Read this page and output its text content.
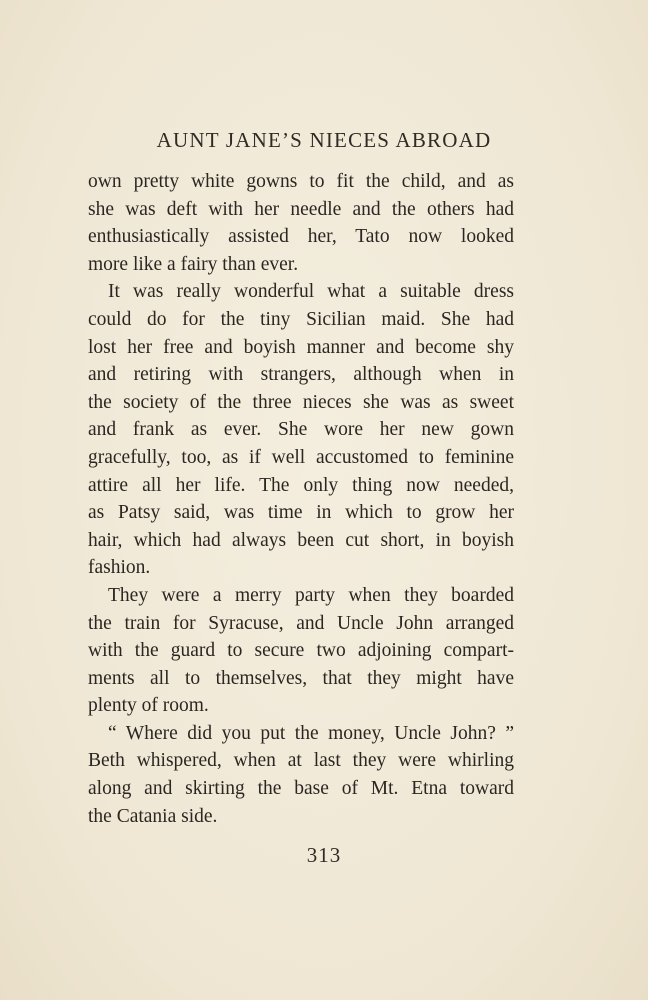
AUNT JANE’S NIECES ABROAD
own pretty white gowns to fit the child, and as
she was deft with her needle and the others had
enthusiastically assisted her, Tato now looked
more like a fairy than ever.
It was really wonderful what a suitable dress
could do for the tiny Sicilian maid. She had
lost her free and boyish manner and become shy
and retiring with strangers, although when in
the society of the three nieces she was as sweet
and frank as ever. She wore her new gown
gracefully, too, as if well accustomed to feminine
attire all her life. The only thing now needed,
as Patsy said, was time in which to grow her
hair, which had always been cut short, in boyish
fashion.
They were a merry party when they boarded
the train for Syracuse, and Uncle John arranged
with the guard to secure two adjoining compart-
ments all to themselves, that they might have
plenty of room.
“ Where did you put the money, Uncle John? ”
Beth whispered, when at last they were whirling
along and skirting the base of Mt. Etna toward
the Catania side.
313
